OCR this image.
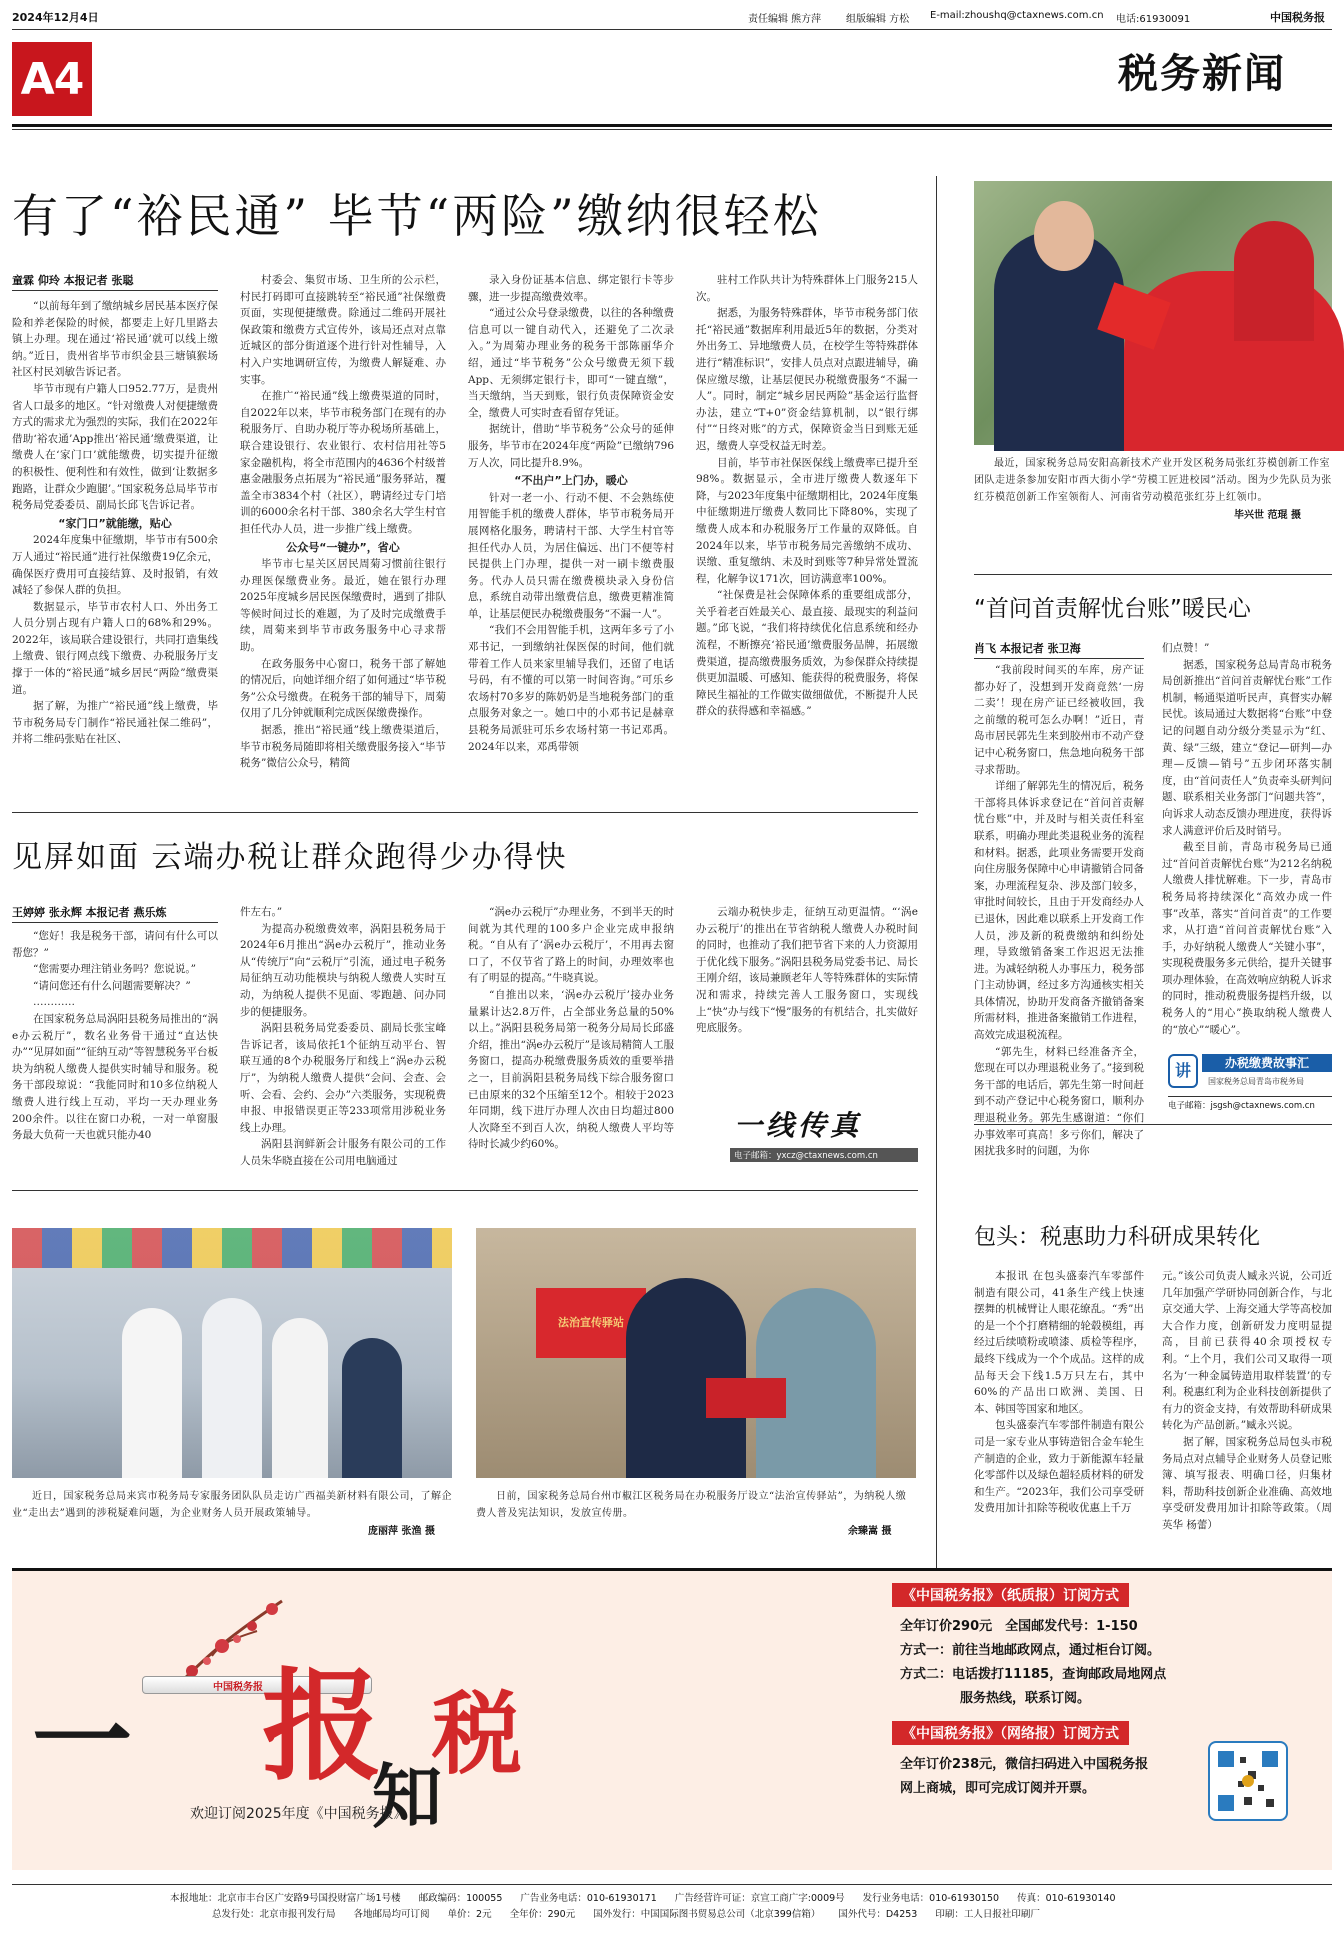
2024年12月4日	责任编辑 熊方萍 组版编辑 方松 E-mail:zhoushq@ctaxnews.com.cn 电话:61930091	中国税务报
A4	税务新闻
有了“裕民通” 毕节“两险”缴纳很轻松
童霖 仰玲 本报记者 张聪

“以前每年到了缴纳城乡居民基本医疗保险和养老保险的时候，都要走上好几里路去镇上办理。现在通过‘裕民通’就可以线上缴纳。”近日，贵州省毕节市织金县三塘镇猴场社区村民刘敏告诉记者。

毕节市现有户籍人口952.77万，是贵州省人口最多的地区。“针对缴费人对便捷缴费方式的需求尤为强烈的实际，我们在2022年借助‘裕农通’App推出‘裕民通’缴费渠道，让缴费人在‘家门口’就能缴费，切实提升征缴的积极性、便利性和有效性，做到‘让数据多跑路，让群众少跑腿’。”国家税务总局毕节市税务局党委委员、副局长邱飞告诉记者。

“家门口”就能缴，贴心

2024年度集中征缴期，毕节市有500余万人通过“裕民通”进行社保缴费19亿余元，确保医疗费用可直接结算、及时报销，有效减轻了参保人群的负担。

数据显示，毕节市农村人口、外出务工人员分别占现有户籍人口的68%和29%。2022年，该局联合建设银行，共同打造集线上缴费、银行网点线下缴费、办税服务厅支撑于一体的“裕民通”城乡居民“两险”缴费渠道。

据了解，为推广“裕民通”线上缴费，毕节市税务局专门制作“裕民通社保二维码”，并将二维码张贴在社区、

村委会、集贸市场、卫生所的公示栏，村民打码即可直接跳转至“裕民通”社保缴费页面，实现便捷缴费。除通过二维码开展社保政策和缴费方式宣传外，该局还点对点靠近城区的部分街道逐个进行针对性辅导，入村入户实地调研宣传，为缴费人解疑难、办实事。

在推广“裕民通”线上缴费渠道的同时，自2022年以来，毕节市税务部门在现有的办税服务厅、自助办税厅等办税场所基础上，联合建设银行、农业银行、农村信用社等5家金融机构，将全市范围内的4636个村级普惠金融服务点拓展为“裕民通”服务驿站，覆盖全市3834个村（社区），聘请经过专门培训的6000余名村干部、380余名大学生村官担任代办人员，进一步推广线上缴费。

公众号“一键办”，省心

毕节市七星关区居民周菊习惯前往银行办理医保缴费业务。最近，她在银行办理2025年度城乡居民医保缴费时，遇到了排队等候时间过长的难题，为了及时完成缴费手续，周菊来到毕节市政务服务中心寻求帮助。

在政务服务中心窗口，税务干部了解她的情况后，向她详细介绍了如何通过“毕节税务”公众号缴费。在税务干部的辅导下，周菊仅用了几分钟就顺利完成医保缴费操作。

据悉，推出“裕民通”线上缴费渠道后，毕节市税务局随即将相关缴费服务接入“毕节税务”微信公众号，精简

录入身份证基本信息、绑定银行卡等步骤，进一步提高缴费效率。

“通过公众号登录缴费，以往的各种缴费信息可以一键自动代入，还避免了二次录入。”为周菊办理业务的税务干部陈丽华介绍，通过“毕节税务”公众号缴费无须下载App、无须绑定银行卡，即可“一键直缴”，当天缴纳，当天到账，银行负责保障资金安全，缴费人可实时查看留存凭证。

据统计，借助“毕节税务”公众号的延伸服务，毕节市在2024年度“两险”已缴纳796万人次，同比提升8.9%。

“不出户”上门办，暖心

针对一老一小、行动不便、不会熟练使用智能手机的缴费人群体，毕节市税务局开展网格化服务，聘请村干部、大学生村官等担任代办人员，为居住偏远、出门不便等村民提供上门办理，提供一对一刷卡缴费服务。代办人员只需在缴费模块录入身份信息，系统自动带出缴费信息，缴费更精准简单，让基层便民办税缴费服务“不漏一人”。

“我们不会用智能手机，这两年多亏了小邓书记，一到缴纳社保医保的时间，他们就带着工作人员来家里辅导我们，还留了电话号码，有不懂的可以第一时间咨询。”可乐乡农场村70多岁的陈奶奶是当地税务部门的重点服务对象之一。她口中的小邓书记是赫章县税务局派驻可乐乡农场村第一书记邓禹。2024年以来，邓禹带领

驻村工作队共计为特殊群体上门服务215人次。

据悉，为服务特殊群体，毕节市税务部门依托“裕民通”数据库利用最近5年的数据，分类对外出务工、异地缴费人员，在校学生等特殊群体进行“精准标识”，安排人员点对点跟进辅导，确保应缴尽缴，让基层便民办税缴费服务“不漏一人”。同时，制定“城乡居民两险”基金运行监督办法，建立“T+0”资金结算机制，以“银行绑付”“日终对账”的方式，保障资金当日到账无延迟，缴费人享受权益无时差。

目前，毕节市社保医保线上缴费率已提升至98%。数据显示，全市进厅缴费人数逐年下降，与2023年度集中征缴期相比，2024年度集中征缴期进厅缴费人数同比下降80%，实现了缴费人成本和办税服务厅工作量的双降低。自2024年以来，毕节市税务局完善缴纳不成功、误缴、重复缴纳、未及时到账等7种异常处置流程，化解争议171次，回访满意率100%。

“社保费是社会保障体系的重要组成部分，关乎着老百姓最关心、最直接、最现实的利益问题。”邱飞说，“我们将持续优化信息系统和经办流程，不断擦亮‘裕民通’缴费服务品牌，拓展缴费渠道，提高缴费服务质效，为参保群众持续提供更加温暖、可感知、能获得的税费服务，将保障民生福祉的工作做实做细做优，不断提升人民群众的获得感和幸福感。”

最近，国家税务总局安阳高新技术产业开发区税务局张红芬模创新工作室团队走进条参加安阳市西大街小学“劳模工匠进校园”活动。图为少先队员为张红芬模范创新工作室领衔人、河南省劳动模范张红芬上红领巾。
毕兴世 范琨 摄
“首问首责解忧台账”暖民心
肖飞 本报记者 张卫海

“我前段时间买的车库，房产证都办好了，没想到开发商竟然‘一房二卖’！现在房产证已经被收回，我之前缴的税可怎么办啊！”近日，青岛市居民郭先生来到胶州市不动产登记中心税务窗口，焦急地向税务干部寻求帮助。

详细了解郭先生的情况后，税务干部将具体诉求登记在“首问首责解忧台账”中，并及时与相关责任科室联系，明确办理此类退税业务的流程和材料。据悉，此项业务需要开发商向住房服务保障中心申请撤销合同备案，办理流程复杂、涉及部门较多，审批时间较长，且由于开发商经办人已退休，因此难以联系上开发商工作人员，涉及新的税费缴纳和纠纷处理，导致缴销备案工作迟迟无法推进。为减轻纳税人办事压力，税务部门主动协调，经过多方沟通核实相关具体情况，协助开发商备齐撤销备案所需材料，推进备案撤销工作进程，高效完成退税流程。

“郭先生，材料已经准备齐全，您现在可以办理退税业务了。”接到税务干部的电话后，郭先生第一时间赶到不动产登记中心税务窗口，顺利办理退税业务。郭先生感谢道：“你们办事效率可真高！多亏你们，解决了困扰我多时的问题，为你

们点赞！”

据悉，国家税务总局青岛市税务局创新推出“首问首责解忧台账”工作机制，畅通渠道听民声，真督实办解民忧。该局通过大数据将“台账”中登记的问题自动分级分类显示为“红、黄、绿”三级，建立“登记—研判—办理—反馈—销号”五步闭环落实制度，由“首问责任人”负责牵头研判问题、联系相关业务部门“问题共答”，向诉求人动态反馈办理进度，获得诉求人满意评价后及时销号。

截至目前，青岛市税务局已通过“首问首责解忧台账”为212名纳税人缴费人排忧解难。下一步，青岛市税务局将持续深化“高效办成一件事”改革，落实“首问首责”的工作要求，从打造“首问首责解忧台账”入手，办好纳税人缴费人“关键小事”，实现税费服务多元供给，提升关键事项办理体验，在高效响应纳税人诉求的同时，推动税费服务提档升级，以税务人的“用心”换取纳税人缴费人的“放心”“暖心”。

讲	办税缴费故事汇
国家税务总局青岛市税务局
电子邮箱：jsgsh@ctaxnews.com.cn
见屏如面 云端办税让群众跑得少办得快
王婷婷 张永辉 本报记者 燕乐炼

“您好！我是税务干部，请问有什么可以帮您？”

“您需要办理注销业务吗？您说说。”

“请问您还有什么问题需要解决？”

…………

在国家税务总局涡阳县税务局推出的“涡e办云税厅”，数名业务骨干通过“直达快办”“见屏如面”“征纳互动”等智慧税务平台板块为纳税人缴费人提供实时辅导和服务。税务干部段琼说：“我能同时和10多位纳税人缴费人进行线上互动，平均一天办理业务200余件。以往在窗口办税，一对一单窗服务最大负荷一天也就只能办40

件左右。”

为提高办税缴费效率，涡阳县税务局于2024年6月推出“涡e办云税厅”，推动业务从“传统厅”向“云税厅”引流，通过电子税务局征纳互动功能模块与纳税人缴费人实时互动，为纳税人提供不见面、零跑趟、问办同步的便捷服务。

涡阳县税务局党委委员、副局长张宝峰告诉记者，该局依托1个征纳互动平台、智联互通的8个办税服务厅和线上“涡e办云税厅”，为纳税人缴费人提供“会问、会查、会听、会看、会约、会办”六类服务，实现税费申报、申报错误更正等233项常用涉税业务线上办理。

涡阳县润鲜新会计服务有限公司的工作人员朱华晓直接在公司用电脑通过

“涡e办云税厅”办理业务，不到半天的时间就为其代理的100多户企业完成申报纳税。“自从有了‘涡e办云税厅’，不用再去窗口了，不仅节省了路上的时间，办理效率也有了明显的提高。”牛晓真说。

“自推出以来，‘涡e办云税厅’接办业务量累计达2.8万件，占全部业务总量的50%以上。”涡阳县税务局第一税务分局局长邱盛介绍，推出“涡e办云税厅”是该局精简人工服务窗口，提高办税缴费服务质效的重要举措之一，目前涡阳县税务局线下综合服务窗口已由原来的32个压缩至12个。相较于2023年同期，线下进厅办理人次由日均超过800人次降至不到百人次，纳税人缴费人平均等待时长减少约60%。

云端办税快步走，征纳互动更温情。“‘涡e办云税厅’的推出在节省纳税人缴费人办税时间的同时，也推动了我们把节省下来的人力资源用于优化线下服务。”涡阳县税务局党委书记、局长王刚介绍，该局兼顾老年人等特殊群体的实际情况和需求，持续完善人工服务窗口，实现线上“快”办与线下“慢”服务的有机结合，扎实做好兜底服务。

一线传真
电子邮箱：yxcz@ctaxnews.com.cn
近日，国家税务总局来宾市税务局专家服务团队队员走访广西福美新材料有限公司，了解企业“走出去”遇到的涉税疑难问题，为企业财务人员开展政策辅导。
庞丽萍 张渔 摄
法治宣传驿站
日前，国家税务总局台州市椒江区税务局在办税服务厅设立“法治宣传驿站”，为纳税人缴费人普及宪法知识，发放宣传册。
余臻嵩 摄
包头：税惠助力科研成果转化

本报讯 在包头盛泰汽车零部件制造有限公司，41条生产线上快速摆舞的机械臂让人眼花缭乱。“秀”出的是一个个打磨精细的轮毂模组，再经过后续喷粉或喷漆、质检等程序，最终下线成为一个个成品。这样的成品每天会下线1.5万只左右，其中60%的产品出口欧洲、美国、日本、韩国等国家和地区。

包头盛泰汽车零部件制造有限公司是一家专业从事铸造铝合金车轮生产制造的企业，致力于新能源车轻量化零部件以及绿色超轻质材料的研发和生产。“2023年，我们公司享受研发费用加计扣除等税收优惠上千万

元。”该公司负责人臧永兴说，公司近几年加强产学研协同创新合作，与北京交通大学、上海交通大学等高校加大合作力度，创新研发力度明显提高，目前已获得40余项授权专利。“上个月，我们公司又取得一项名为‘一种金属铸造用取样装置’的专利。税惠红利为企业科技创新提供了有力的资金支持，有效帮助科研成果转化为产品创新。”臧永兴说。

据了解，国家税务总局包头市税务局点对点辅导企业财务人员登记账簿、填写报表、明确口径，归集材料，帮助科技创新企业准确、高效地享受研发费用加计扣除等政策。（周英华 杨蕾）

中国税务报
一 报 税
知
欢迎订阅2025年度《中国税务报》
《中国税务报》（纸质报）订阅方式
全年订价290元　全国邮发代号：1-150
方式一：前往当地邮政网点，通过柜台订阅。
方式二：电话拨打11185，查询邮政局地网点
服务热线，联系订阅。
《中国税务报》（网络报）订阅方式
全年订价238元，微信扫码进入中国税务报
网上商城，即可完成订阅并开票。
本报地址：北京市丰台区广安路9号国投财富广场1号楼 邮政编码：100055 广告业务电话：010-61930171 广告经营许可证：京宣工商广字:0009号 发行业务电话：010-61930150 传真：010-61930140
总发行处：北京市报刊发行局 各地邮局均可订阅 单价：2元 全年价：290元 国外发行：中国国际图书贸易总公司（北京399信箱） 国外代号：D4253 印刷：工人日报社印刷厂
